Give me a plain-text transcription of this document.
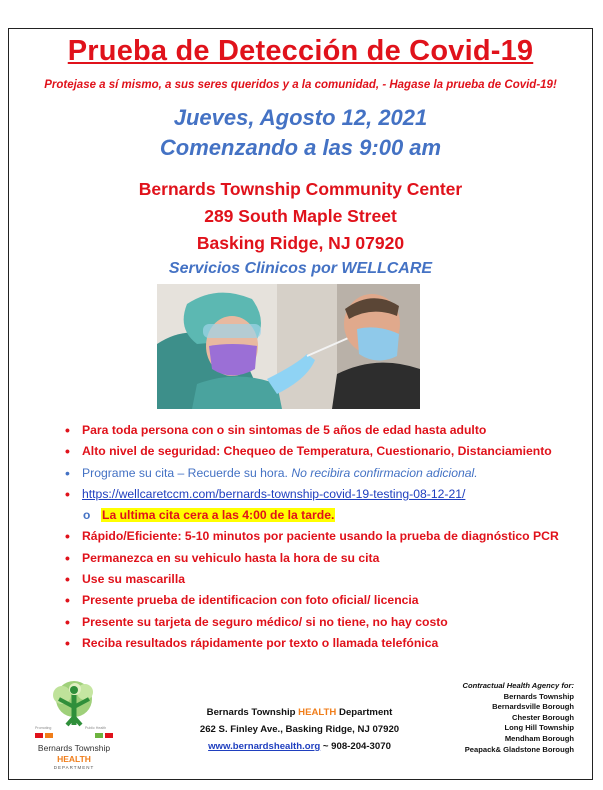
Prueba de Detección de Covid-19
Protejase a sí mismo, a sus seres queridos y a la comunidad, - Hagase la prueba de Covid-19!
Jueves, Agosto 12, 2021
Comenzando a las 9:00 am
Bernards Township Community Center
289 South Maple Street
Basking Ridge, NJ 07920
Servicios Clinicos por WELLCARE
• Para toda persona con o sin sintomas de 5 años de edad hasta adulto
• Alto nivel de seguridad: Chequeo de Temperatura, Cuestionario, Distanciamiento
• Programe su cita – Recuerde su hora. No recibira confirmacion adicional.
• https://wellcaretccm.com/bernards-township-covid-19-testing-08-12-21/
o La ultima cita cera a las 4:00 de la tarde.
• Rápido/Eficiente: 5-10 minutos por paciente usando la prueba de diagnóstico PCR
• Permanezca en su vehiculo hasta la hora de su cita
• Use su mascarilla
• Presente prueba de identificacion con foto oficial/ licencia
• Presente su tarjeta de seguro médico/ si no tiene, no hay costo
• Reciba resultados rápidamente por texto o llamada telefónica
Promoting	Public Health
Bernards Township
HEALTH
DEPARTMENT
Bernards Township HEALTH Department
262 S. Finley Ave., Basking Ridge, NJ 07920
www.bernardshealth.org ~ 908-204-3070
Contractual Health Agency for:
Bernards Township
Bernardsville Borough
Chester Borough
Long Hill Township
Mendham Borough
Peapack& Gladstone Borough
